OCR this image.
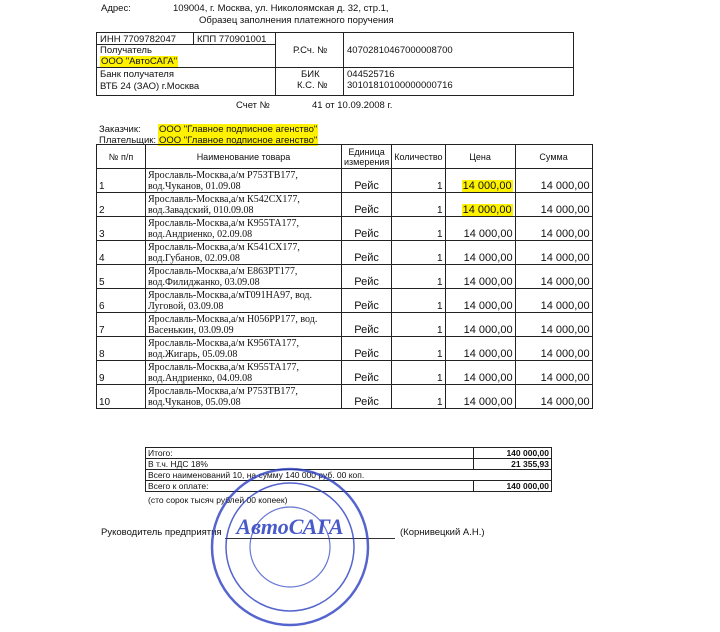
Адрес:	109004, г. Москва, ул. Николоямская д. 32, стр.1,
Образец заполнения платежного поручения
ИНН 7709782047 КПП 770901001
Получатель
ООО "АвтоСАГА"
Р.Сч. № 40702810467000008700
Банк получателя
ВТБ 24 (ЗАО) г.Москва
БИК	044525716
К.С. № 30101810100000000716
Счет №	41 от 10.09.2008 г.
Заказчик: ООО "Главное подписное агенство"
Плательщик: ООО "Главное подписное агенство"
№ п/п	Наименование товара	Единица измерения	Количество	Цена	Сумма
1	Ярославль-Москва,а/м Р753ТВ177, вод.Чуканов, 01.09.08	Рейс	1	14 000,00	14 000,00
2	Ярославль-Москва,а/м К542СХ177, вод.Завадский, 010.09.08	Рейс	1	14 000,00	14 000,00
3	Ярославль-Москва,а/м К955ТА177, вод.Андриенко, 02.09.08	Рейс	1	14 000,00	14 000,00
4	Ярославль-Москва,а/м К541СХ177, вод.Губанов, 02.09.08	Рейс	1	14 000,00	14 000,00
5	Ярославль-Москва,а/м Е863РТ177, вод.Филиджанко, 03.09.08	Рейс	1	14 000,00	14 000,00
6	Ярославль-Москва,а/мТ091НА97, вод. Луговой, 03.09.08	Рейс	1	14 000,00	14 000,00
7	Ярославль-Москва,а/м Н056РР177, вод. Васенькин, 03.09.09	Рейс	1	14 000,00	14 000,00
8	Ярославль-Москва,а/м К956ТА177, вод.Жигарь, 05.09.08	Рейс	1	14 000,00	14 000,00
9	Ярославль-Москва,а/м К955ТА177, вод.Андриенко, 04.09.08	Рейс	1	14 000,00	14 000,00
10	Ярославль-Москва,а/м Р753ТВ177, вод.Чуканов, 05.09.08	Рейс	1	14 000,00	14 000,00
Итого:	140 000,00
В т.ч. НДС 18%	21 355,93
Всего наименований 10, на сумму 140 000 руб. 00 коп.	
Всего к оплате:	140 000,00
(сто сорок тысяч рублей 00 копеек)
Руководитель предприятия	(Корнивецкий А.Н.)
АвтоСАГА
